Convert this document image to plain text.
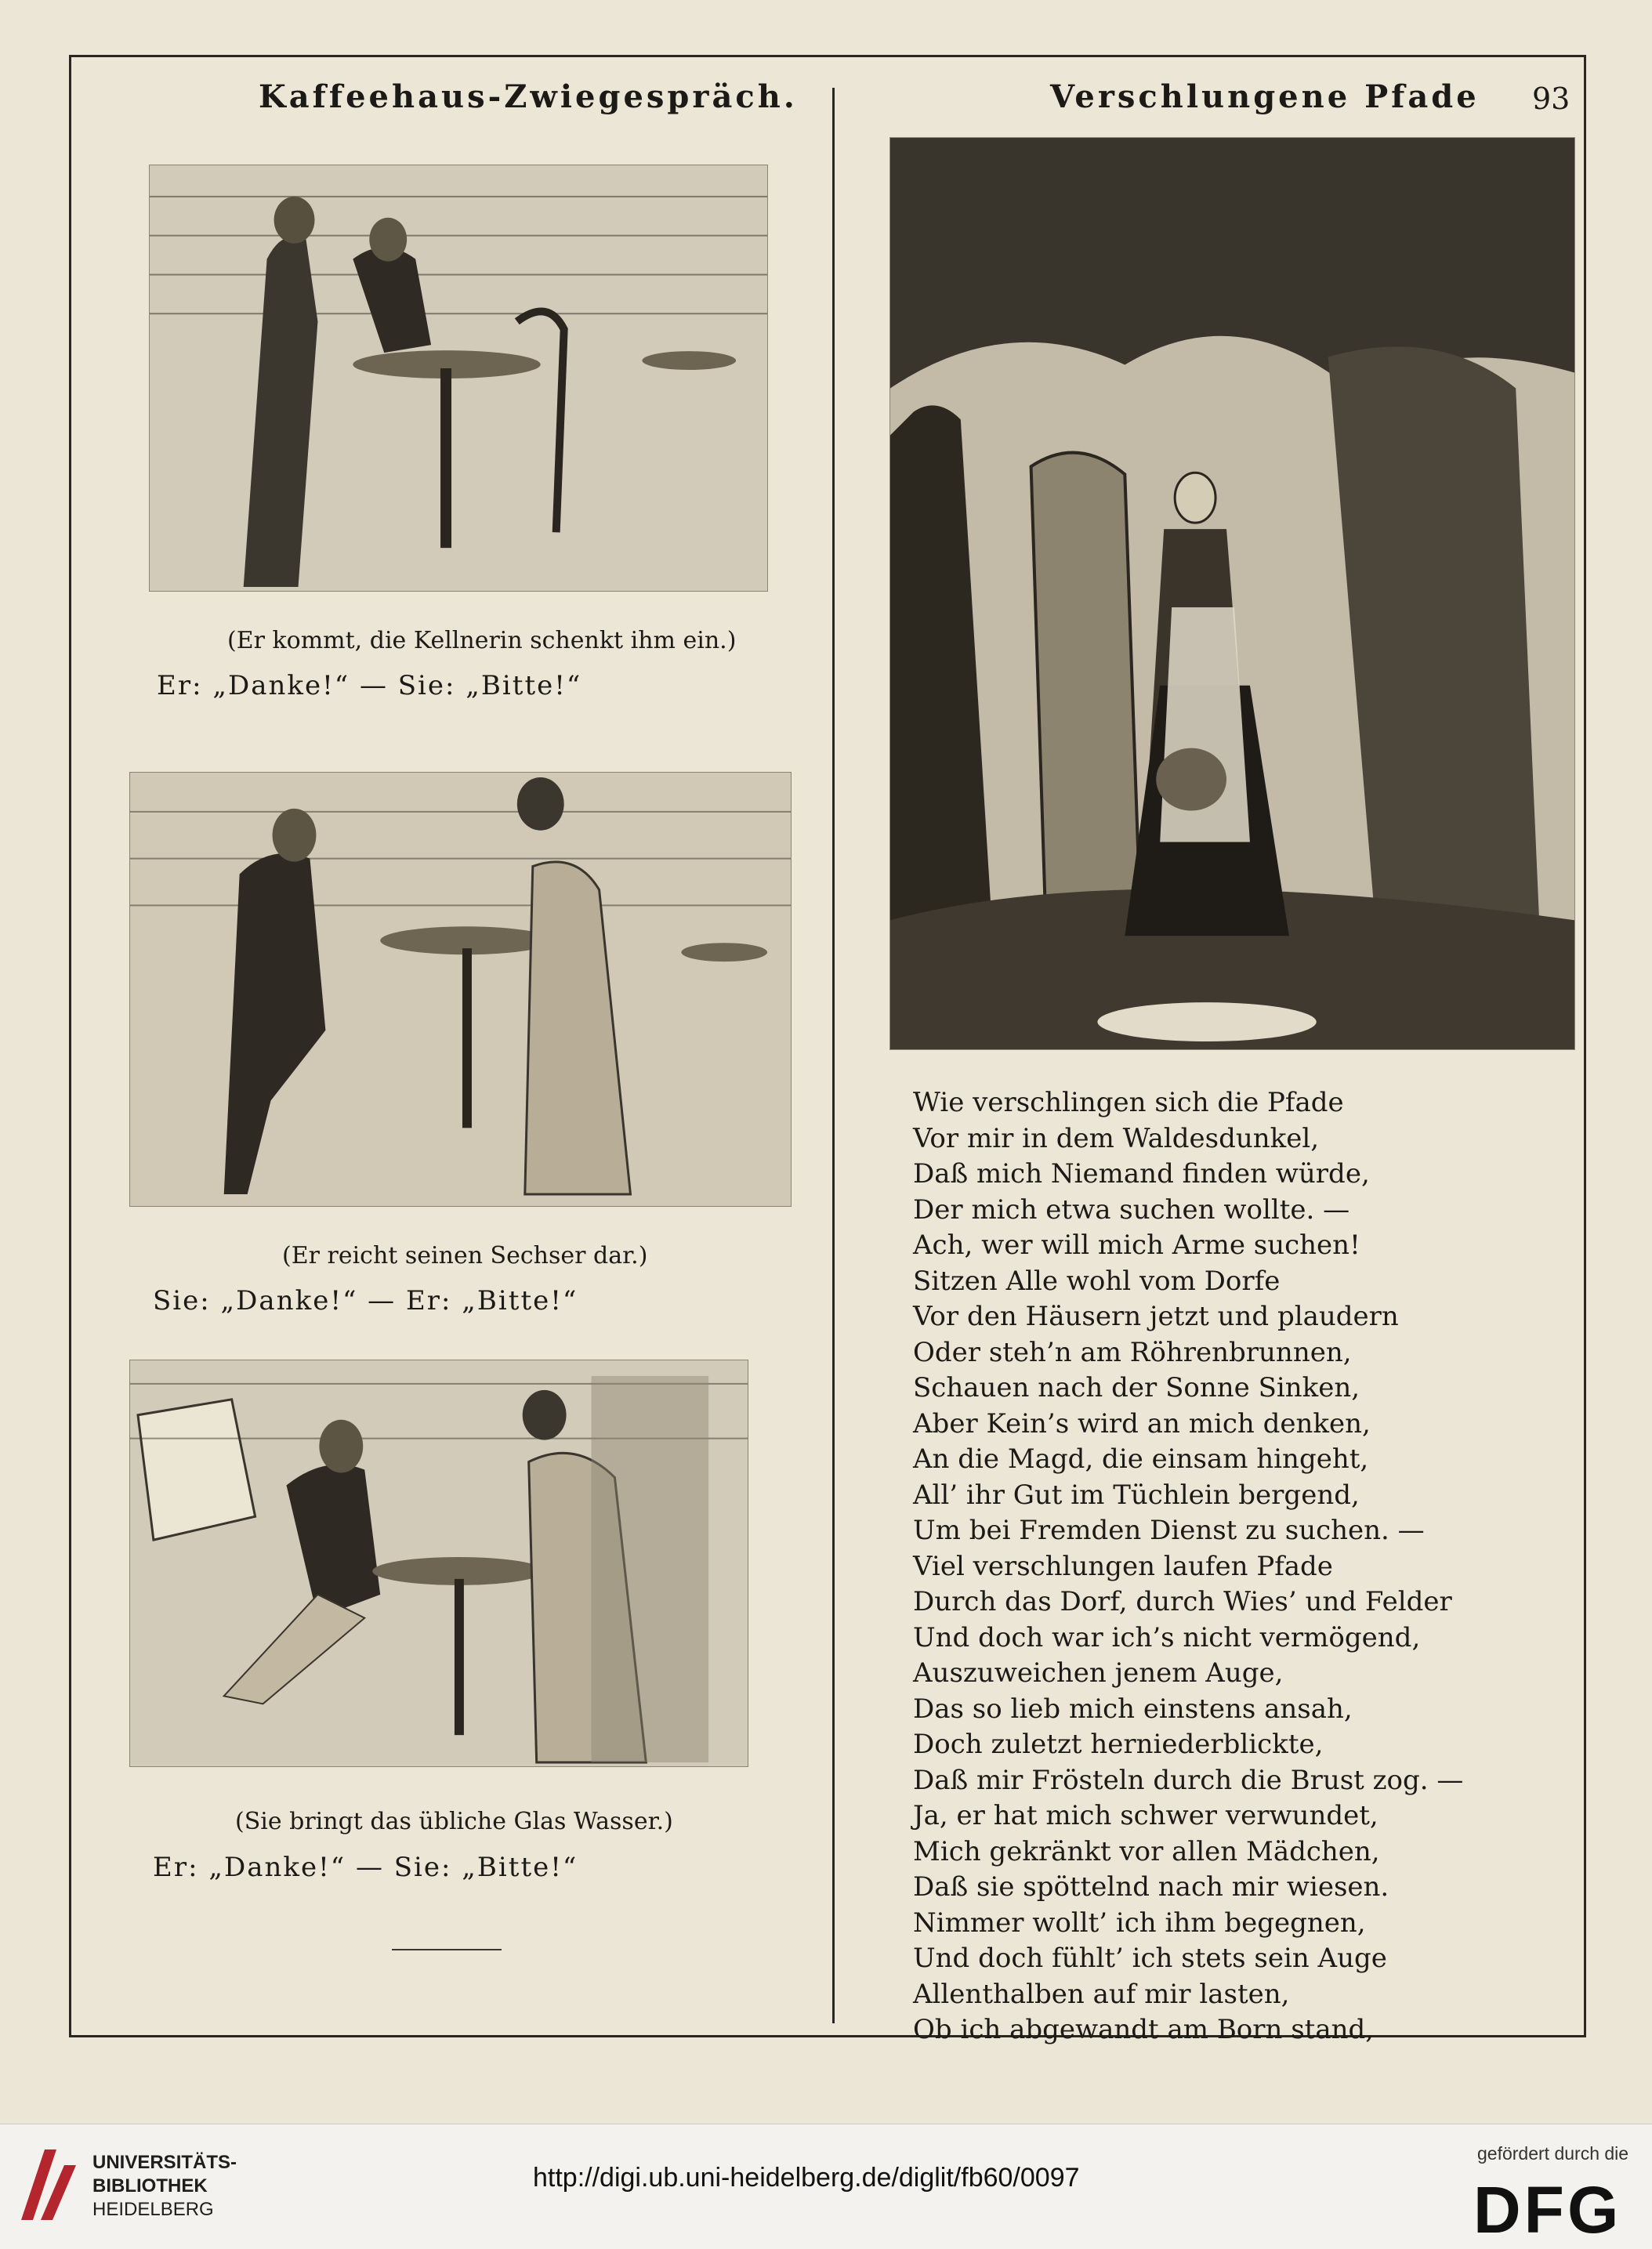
Kaffeehaus-Zwiegespräch.	Verschlungene Pfade 93
(Er kommt, die Kellnerin schenkt ihm ein.)
Er: „Danke!“ — Sie: „Bitte!“
(Er reicht seinen Sechser dar.)
Sie: „Danke!“ — Er: „Bitte!“
(Sie bringt das übliche Glas Wasser.)
Er: „Danke!“ — Sie: „Bitte!“
Wie verschlingen sich die Pfade
Vor mir in dem Waldesdunkel,
Daß mich Niemand finden würde,
Der mich etwa suchen wollte. —
Ach, wer will mich Arme suchen!
Sitzen Alle wohl vom Dorfe
Vor den Häusern jetzt und plaudern
Oder steh’n am Röhrenbrunnen,
Schauen nach der Sonne Sinken,
Aber Kein’s wird an mich denken,
An die Magd, die einsam hingeht,
All’ ihr Gut im Tüchlein bergend,
Um bei Fremden Dienst zu suchen. —
Viel verschlungen laufen Pfade
Durch das Dorf, durch Wies’ und Felder
Und doch war ich’s nicht vermögend,
Auszuweichen jenem Auge,
Das so lieb mich einstens ansah,
Doch zuletzt herniederblickte,
Daß mir Frösteln durch die Brust zog. —
Ja, er hat mich schwer verwundet,
Mich gekränkt vor allen Mädchen,
Daß sie spöttelnd nach mir wiesen.
Nimmer wollt’ ich ihm begegnen,
Und doch fühlt’ ich stets sein Auge
Allenthalben auf mir lasten,
Ob ich abgewandt am Born stand,
UNIVERSITÄTS-
BIBLIOTHEK
HEIDELBERG
http://digi.ub.uni-heidelberg.de/diglit/fb60/0097
gefördert durch die
DFG
